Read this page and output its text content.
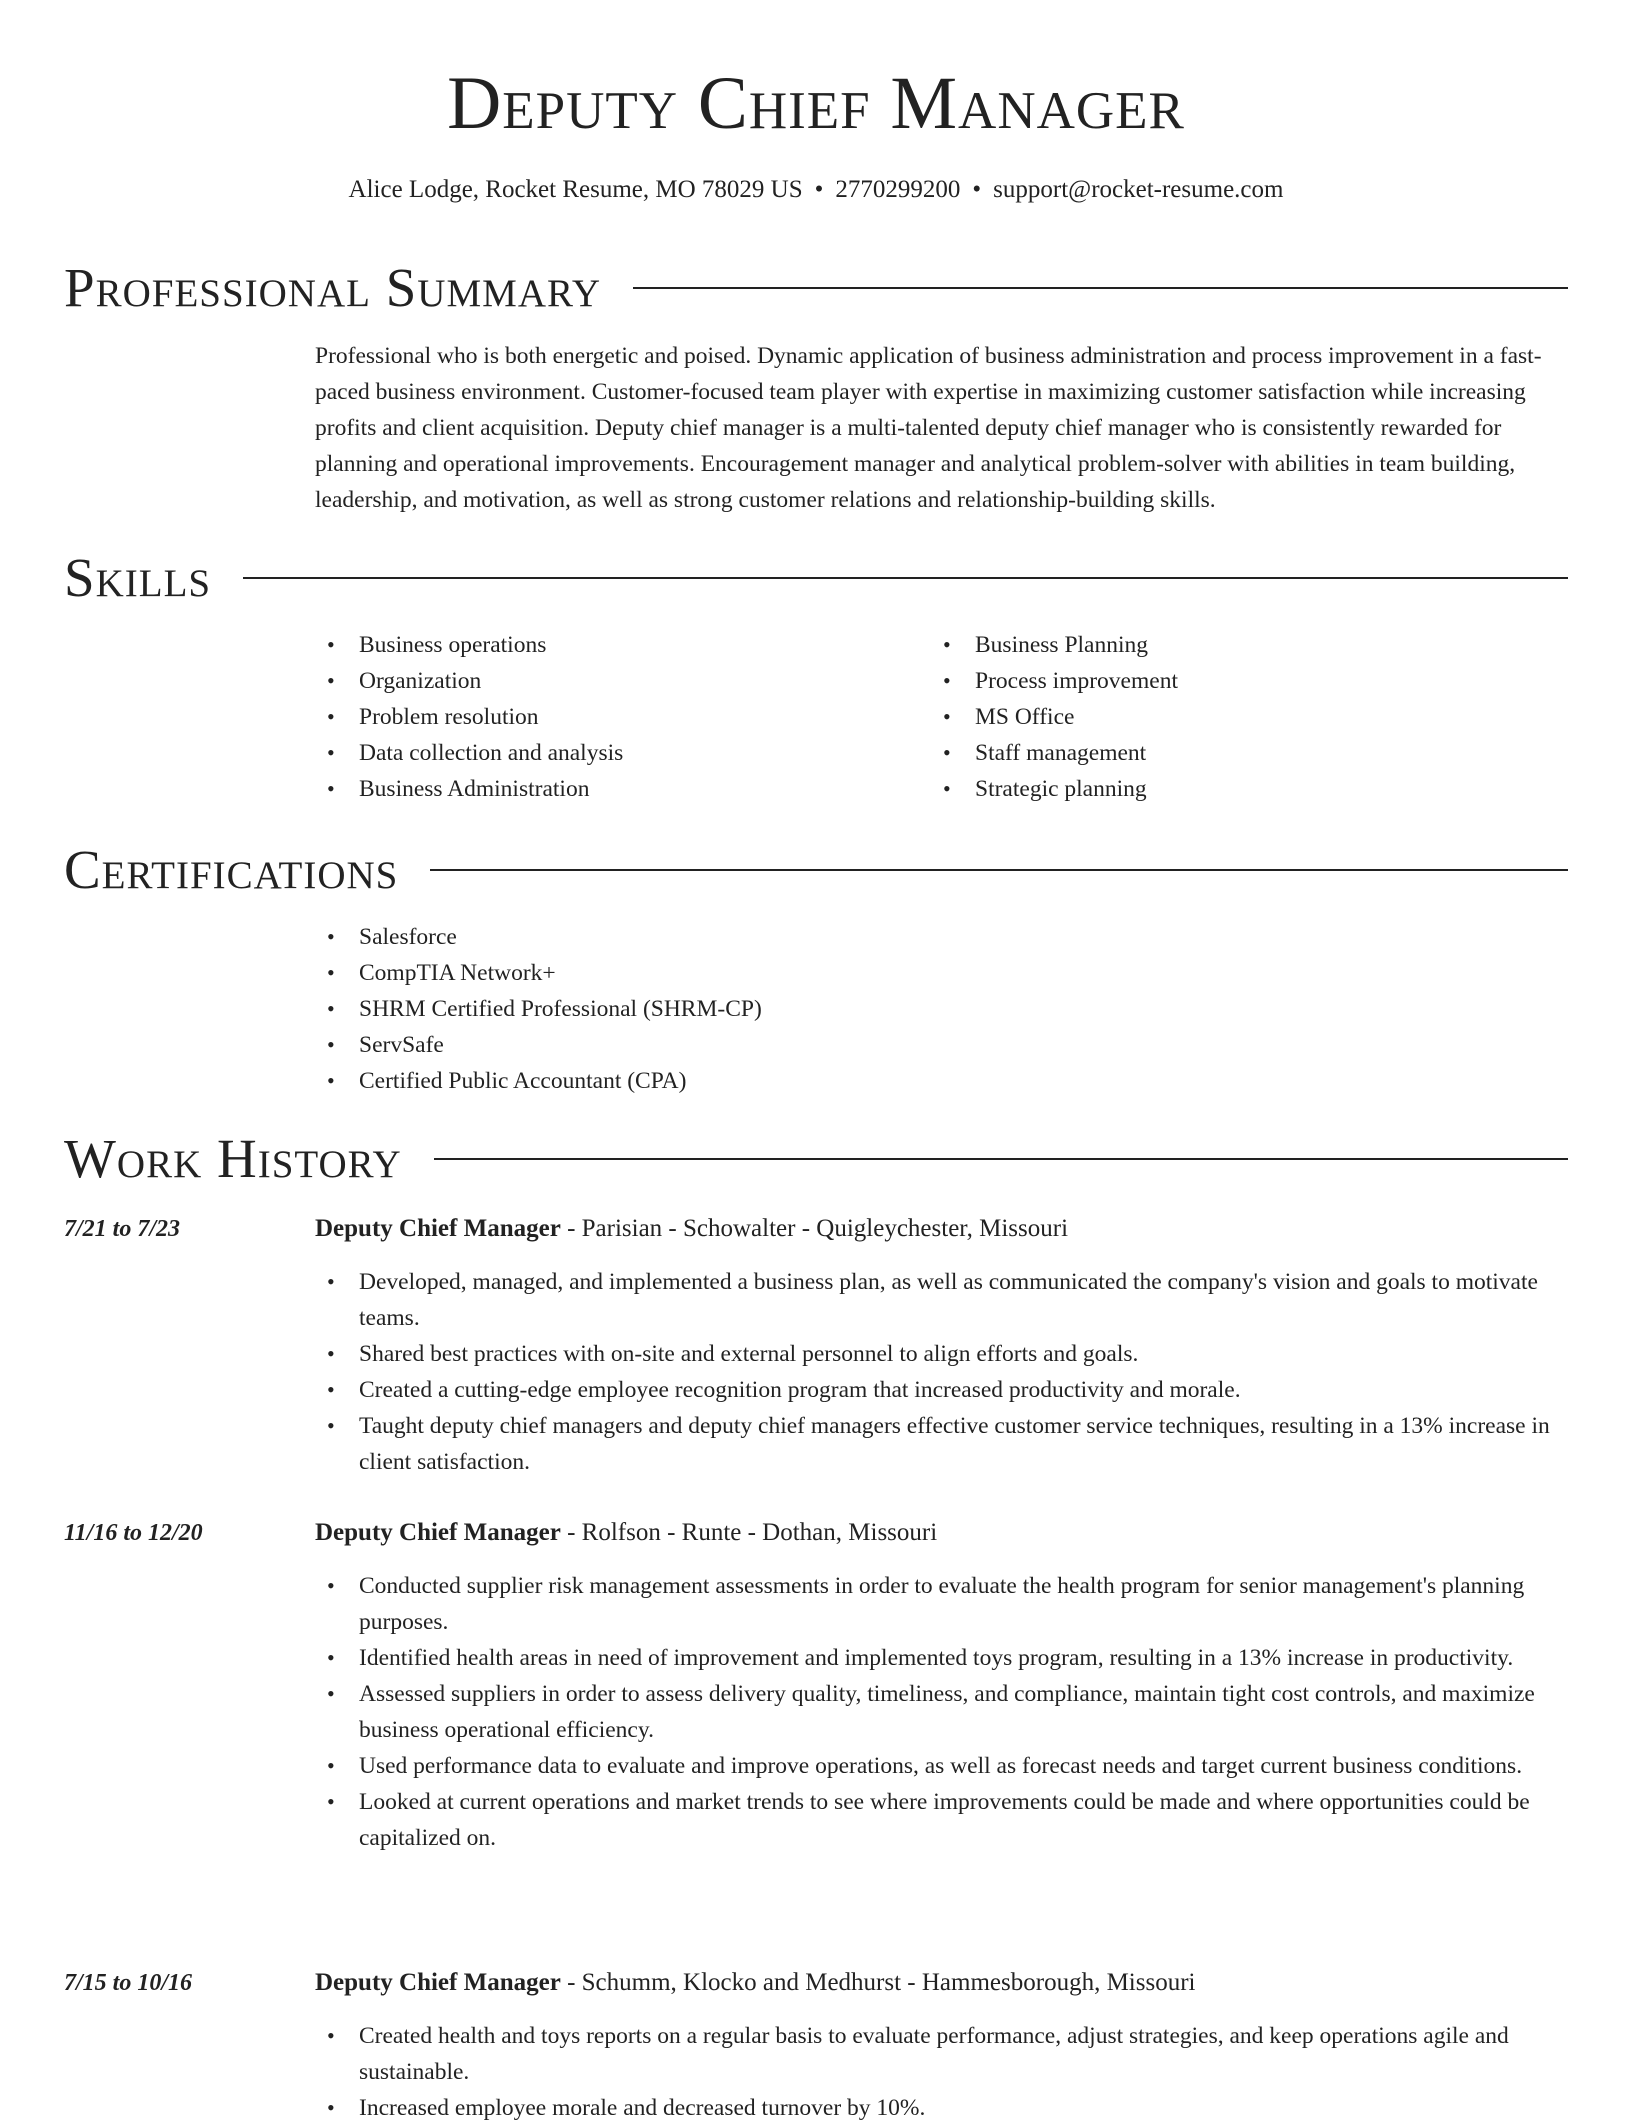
Deputy Chief Manager
Alice Lodge, Rocket Resume, MO 78029 US • 2770299200 • support@rocket-resume.com
Professional Summary

Professional who is both energetic and poised. Dynamic application of business administration and process improvement in a fast-paced business environment. Customer-focused team player with expertise in maximizing customer satisfaction while increasing profits and client acquisition. Deputy chief manager is a multi-talented deputy chief manager who is consistently rewarded for planning and operational improvements. Encouragement manager and analytical problem-solver with abilities in team building, leadership, and motivation, as well as strong customer relations and relationship-building skills.

Skills
• Business operations
• Organization
• Problem resolution
• Data collection and analysis
• Business Administration
• Business Planning
• Process improvement
• MS Office
• Staff management
• Strategic planning
Certifications
• Salesforce
• CompTIA Network+
• SHRM Certified Professional (SHRM-CP)
• ServSafe
• Certified Public Accountant (CPA)
Work History
7/21 to 7/23	Deputy Chief Manager - Parisian - Schowalter - Quigleychester, Missouri
• Developed, managed, and implemented a business plan, as well as communicated the company's vision and goals to motivate teams.
• Shared best practices with on-site and external personnel to align efforts and goals.
• Created a cutting-edge employee recognition program that increased productivity and morale.
• Taught deputy chief managers and deputy chief managers effective customer service techniques, resulting in a 13% increase in client satisfaction.
11/16 to 12/20	Deputy Chief Manager - Rolfson - Runte - Dothan, Missouri
• Conducted supplier risk management assessments in order to evaluate the health program for senior management's planning purposes.
• Identified health areas in need of improvement and implemented toys program, resulting in a 13% increase in productivity.
• Assessed suppliers in order to assess delivery quality, timeliness, and compliance, maintain tight cost controls, and maximize business operational efficiency.
• Used performance data to evaluate and improve operations, as well as forecast needs and target current business conditions.
• Looked at current operations and market trends to see where improvements could be made and where opportunities could be capitalized on.
7/15 to 10/16	Deputy Chief Manager - Schumm, Klocko and Medhurst - Hammesborough, Missouri
• Created health and toys reports on a regular basis to evaluate performance, adjust strategies, and keep operations agile and sustainable.
• Increased employee morale and decreased turnover by 10%.
